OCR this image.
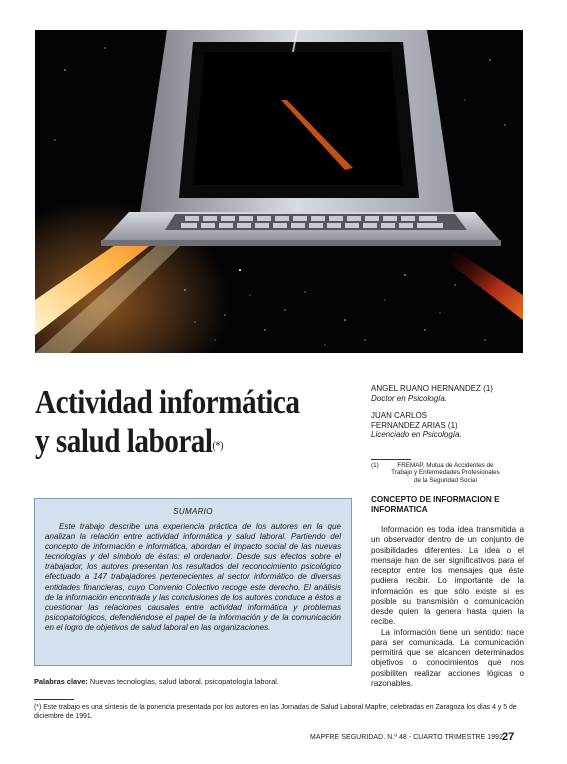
Actividad informática
y salud laboral(*)
ANGEL RUANO HERNANDEZ (1)
Doctor en Psicología.
JUAN CARLOS
FERNANDEZ ARIAS (1)
Licenciado en Psicología.
(1)	FREMAP, Mutua de Accidentes de
Trabajo y Enfermedades Profesionales
de la Seguridad Social
SUMARIO
Este trabajo describe una experiencia práctica de los autores en la que analizan la relación entre actividad informática y salud laboral. Partiendo del concepto de información e informática, abordan el impacto social de las nuevas tecnologías y del símbolo de éstas: el ordenador. Desde sus efectos sobre el trabajador, los autores presentan los resultados del reconocimiento psicológico efectuado a 147 trabajadores pertenecientes al sector informático de diversas entidades financieras, cuyo Convenio Colectivo recoge este derecho. El análisis de la información encontrada y las conclusiones de los autores conduce a éstos a cuestionar las relaciones causales entre actividad informática y problemas psicopatológicos, defendiéndose el papel de la información y de la comunicación en el logro de objetivos de salud laboral en las organizaciones.
Palabras clave: Nuevas tecnologías, salud laboral, psicopatología laboral.
CONCEPTO DE INFORMACION E INFORMATICA

Información es toda idea transmitida a un observador dentro de un conjunto de posibilidades diferentes. La idea o el mensaje han de ser significativos para el receptor entre los mensajes que éste pudiera recibir. Lo importante de la información es que sólo existe si es posible su transmisión o comunicación desde quien la genera hasta quien la recibe.

La información tiene un sentido: nace para ser comunicada. La comunicación permitirá que se alcancen determinados objetivos o conocimientos que nos posibiliten realizar acciones lógicas o razonables.

(*) Este trabajo es una síntesis de la ponencia presentada por los autores en las Jornadas de Salud Laboral Mapfre, celebradas en Zaragoza los días 4 y 5 de diciembre de 1991.
MAPFRE SEGURIDAD. N.º 48 - CUARTO TRIMESTRE 1992
27
